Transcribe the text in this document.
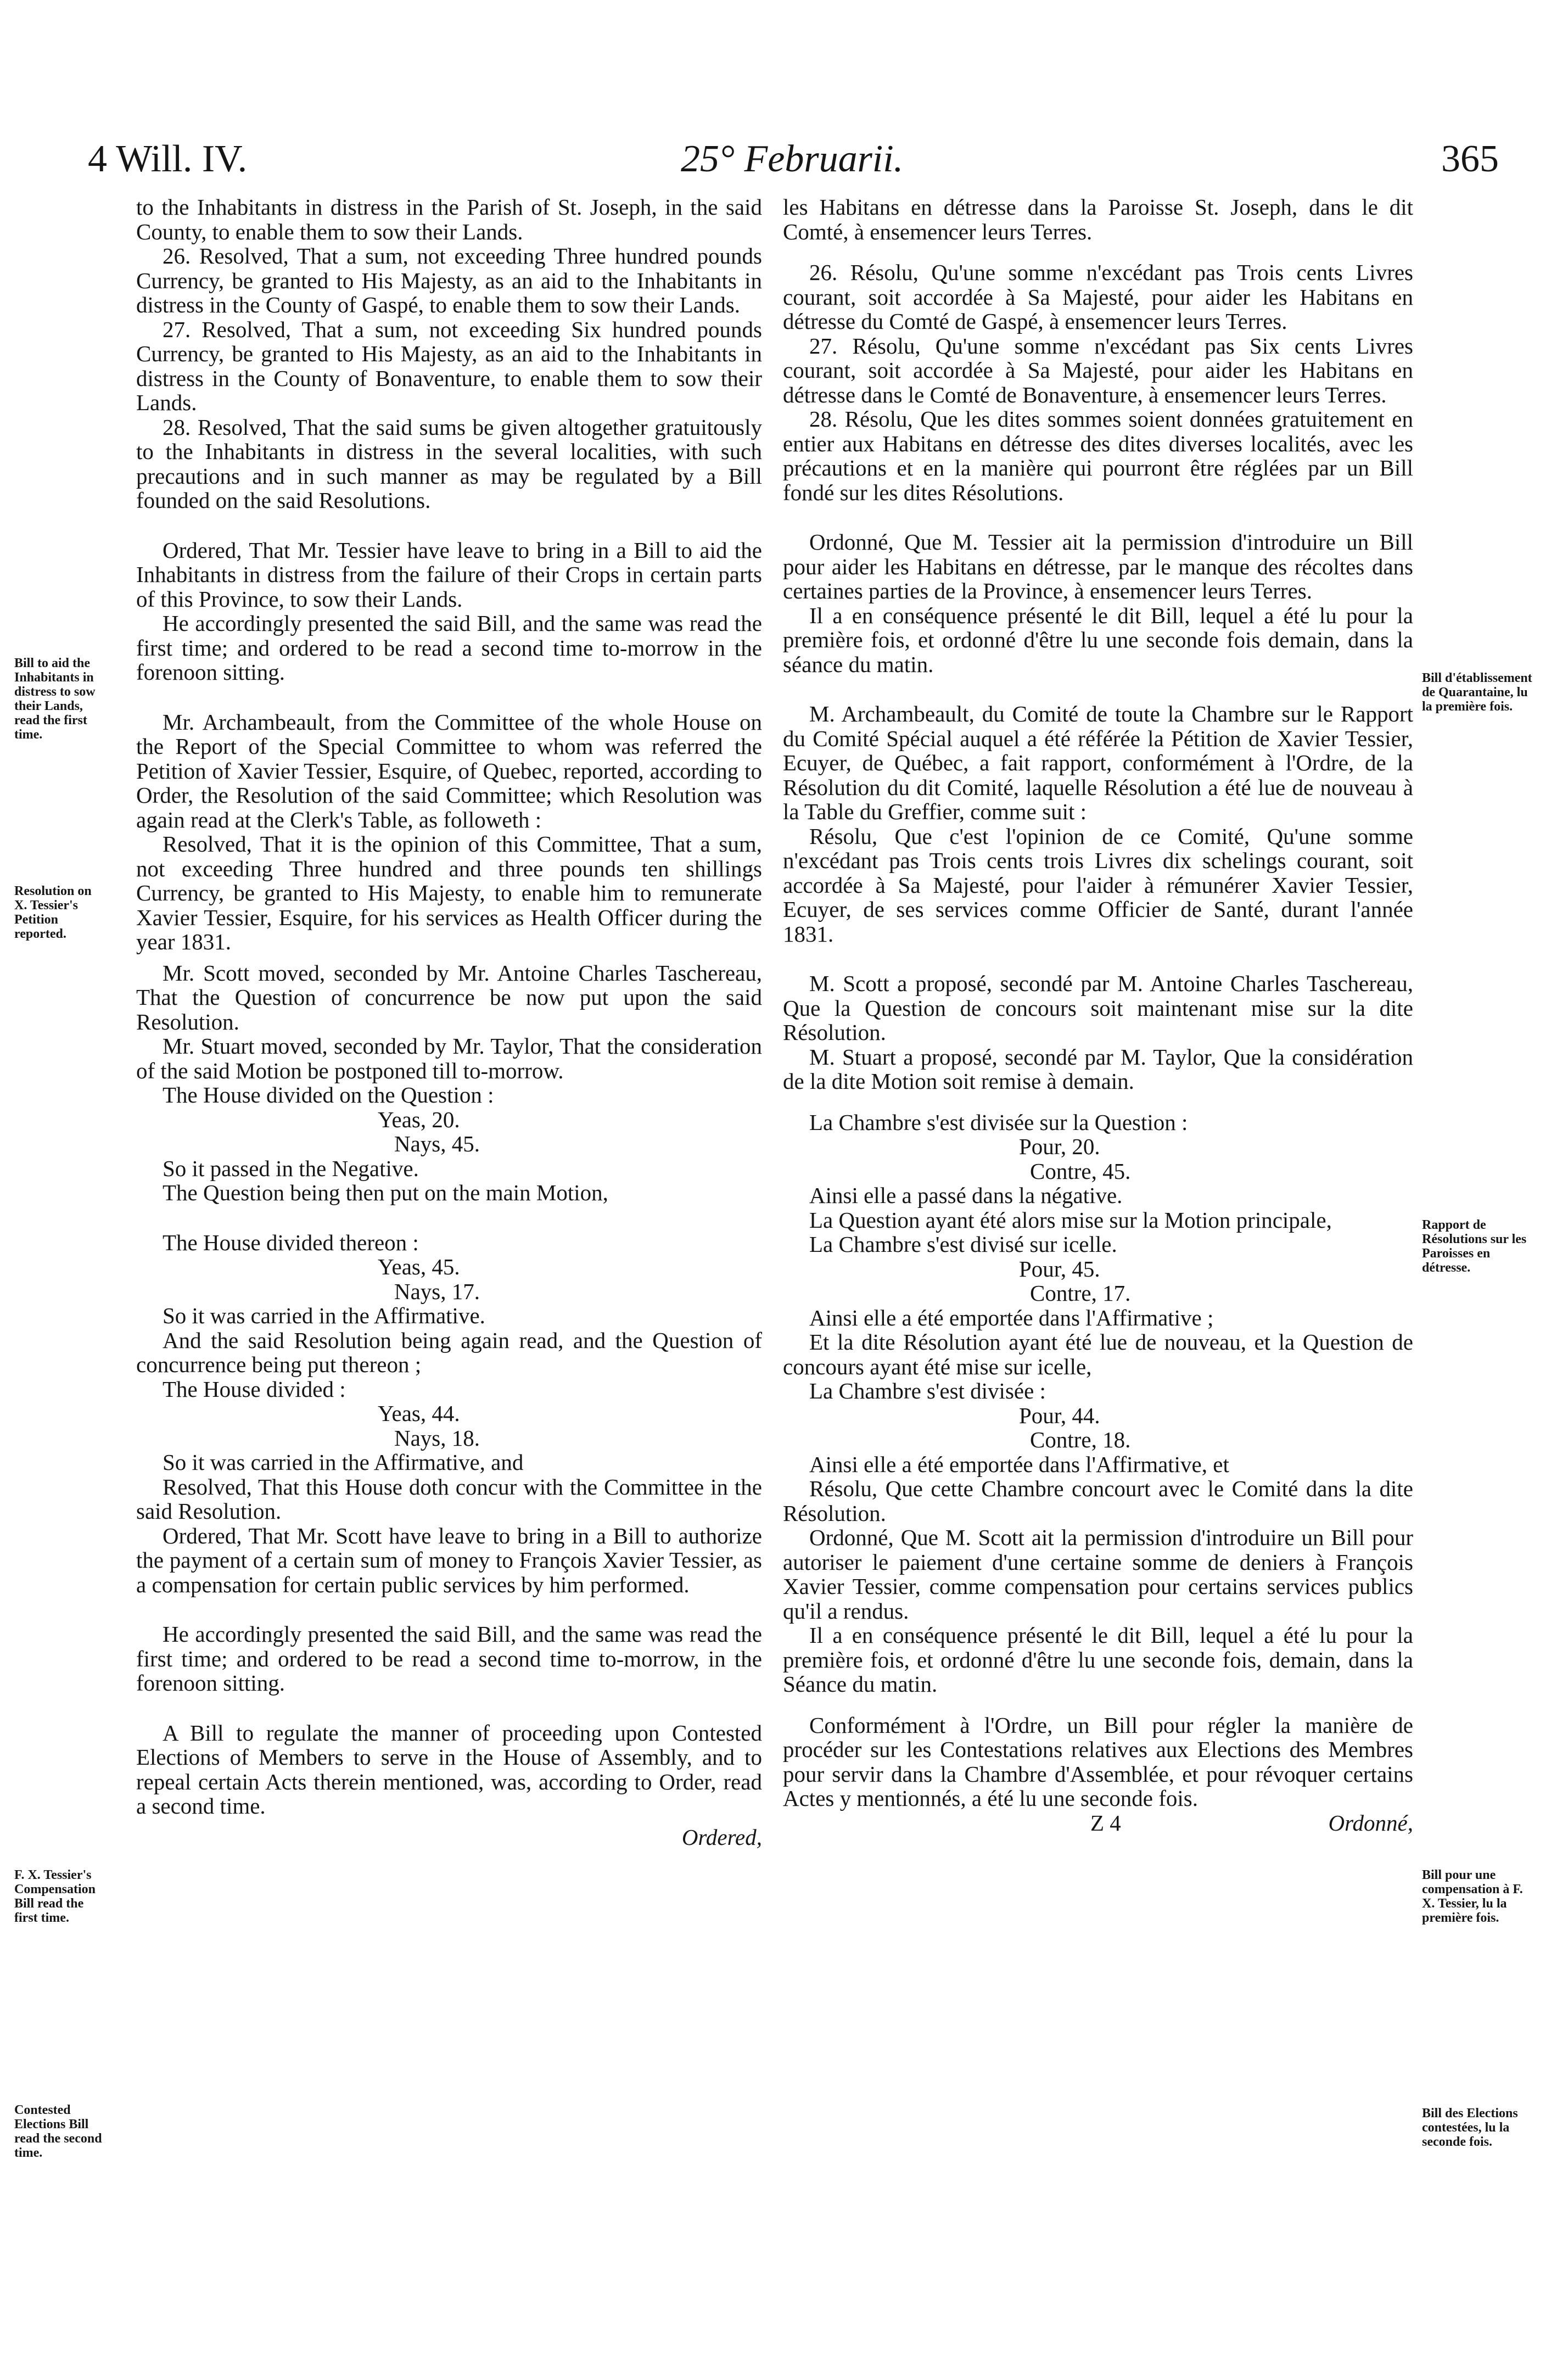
4 Will. IV.	25° Februarii.	365
Bill to aid the Inhabitants in distress to sow their Lands, read the first time.
Resolution on X. Tessier's Petition reported.
F. X. Tessier's Compensation Bill read the first time.
Contested Elections Bill read the second time.
Bill d'établissement de Quarantaine, lu la première fois.
Rapport de Résolutions sur les Paroisses en détresse.
Bill pour une compensation à F. X. Tessier, lu la première fois.
Bill des Elections contestées, lu la seconde fois.

to the Inhabitants in distress in the Parish of St. Joseph, in the said County, to enable them to sow their Lands.

26. Resolved, That a sum, not exceeding Three hundred pounds Currency, be granted to His Majesty, as an aid to the Inhabitants in distress in the County of Gaspé, to enable them to sow their Lands.

27. Resolved, That a sum, not exceeding Six hundred pounds Currency, be granted to His Majesty, as an aid to the Inhabitants in distress in the County of Bonaventure, to enable them to sow their Lands.

28. Resolved, That the said sums be given altogether gratuitously to the Inhabitants in distress in the several localities, with such precautions and in such manner as may be regulated by a Bill founded on the said Resolutions.

Ordered, That Mr. Tessier have leave to bring in a Bill to aid the Inhabitants in distress from the failure of their Crops in certain parts of this Province, to sow their Lands.

He accordingly presented the said Bill, and the same was read the first time; and ordered to be read a second time to-morrow in the forenoon sitting.

Mr. Archambeault, from the Committee of the whole House on the Report of the Special Committee to whom was referred the Petition of Xavier Tessier, Esquire, of Quebec, reported, according to Order, the Resolution of the said Committee; which Resolution was again read at the Clerk's Table, as followeth :

Resolved, That it is the opinion of this Committee, That a sum, not exceeding Three hundred and three pounds ten shillings Currency, be granted to His Majesty, to enable him to remunerate Xavier Tessier, Esquire, for his services as Health Officer during the year 1831.

Mr. Scott moved, seconded by Mr. Antoine Charles Taschereau, That the Question of concurrence be now put upon the said Resolution.

Mr. Stuart moved, seconded by Mr. Taylor, That the consideration of the said Motion be postponed till to-morrow.

The House divided on the Question :

Yeas, 20.

Nays, 45.

So it passed in the Negative.

The Question being then put on the main Motion,

The House divided thereon :

Yeas, 45.

Nays, 17.

So it was carried in the Affirmative.

And the said Resolution being again read, and the Question of concurrence being put thereon ;

The House divided :

Yeas, 44.

Nays, 18.

So it was carried in the Affirmative, and

Resolved, That this House doth concur with the Committee in the said Resolution.

Ordered, That Mr. Scott have leave to bring in a Bill to authorize the payment of a certain sum of money to François Xavier Tessier, as a compensation for certain public services by him performed.

He accordingly presented the said Bill, and the same was read the first time; and ordered to be read a second time to-morrow, in the forenoon sitting.

A Bill to regulate the manner of proceeding upon Contested Elections of Members to serve in the House of Assembly, and to repeal certain Acts therein mentioned, was, according to Order, read a second time.

Ordered,

les Habitans en détresse dans la Paroisse St. Joseph, dans le dit Comté, à ensemencer leurs Terres.

26. Résolu, Qu'une somme n'excédant pas Trois cents Livres courant, soit accordée à Sa Majesté, pour aider les Habitans en détresse du Comté de Gaspé, à ensemencer leurs Terres.

27. Résolu, Qu'une somme n'excédant pas Six cents Livres courant, soit accordée à Sa Majesté, pour aider les Habitans en détresse dans le Comté de Bonaventure, à ensemencer leurs Terres.

28. Résolu, Que les dites sommes soient données gratuitement en entier aux Habitans en détresse des dites diverses localités, avec les précautions et en la manière qui pourront être réglées par un Bill fondé sur les dites Résolutions.

Ordonné, Que M. Tessier ait la permission d'introduire un Bill pour aider les Habitans en détresse, par le manque des récoltes dans certaines parties de la Province, à ensemencer leurs Terres.

Il a en conséquence présenté le dit Bill, lequel a été lu pour la première fois, et ordonné d'être lu une seconde fois demain, dans la séance du matin.

M. Archambeault, du Comité de toute la Chambre sur le Rapport du Comité Spécial auquel a été référée la Pétition de Xavier Tessier, Ecuyer, de Québec, a fait rapport, conformément à l'Ordre, de la Résolution du dit Comité, laquelle Résolution a été lue de nouveau à la Table du Greffier, comme suit :

Résolu, Que c'est l'opinion de ce Comité, Qu'une somme n'excédant pas Trois cents trois Livres dix schelings courant, soit accordée à Sa Majesté, pour l'aider à rémunérer Xavier Tessier, Ecuyer, de ses services comme Officier de Santé, durant l'année 1831.

M. Scott a proposé, secondé par M. Antoine Charles Taschereau, Que la Question de concours soit maintenant mise sur la dite Résolution.

M. Stuart a proposé, secondé par M. Taylor, Que la considération de la dite Motion soit remise à demain.

La Chambre s'est divisée sur la Question :

Pour, 20.

Contre, 45.

Ainsi elle a passé dans la négative.

La Question ayant été alors mise sur la Motion principale,

La Chambre s'est divisé sur icelle.

Pour, 45.

Contre, 17.

Ainsi elle a été emportée dans l'Affirmative ;

Et la dite Résolution ayant été lue de nouveau, et la Question de concours ayant été mise sur icelle,

La Chambre s'est divisée :

Pour, 44.

Contre, 18.

Ainsi elle a été emportée dans l'Affirmative, et

Résolu, Que cette Chambre concourt avec le Comité dans la dite Résolution.

Ordonné, Que M. Scott ait la permission d'introduire un Bill pour autoriser le paiement d'une certaine somme de deniers à François Xavier Tessier, comme compensation pour certains services publics qu'il a rendus.

Il a en conséquence présenté le dit Bill, lequel a été lu pour la première fois, et ordonné d'être lu une seconde fois, demain, dans la Séance du matin.

Conformément à l'Ordre, un Bill pour régler la manière de procéder sur les Contestations relatives aux Elections des Membres pour servir dans la Chambre d'Assemblée, et pour révoquer certains Actes y mentionnés, a été lu une seconde fois.

Z 4	Ordonné,
